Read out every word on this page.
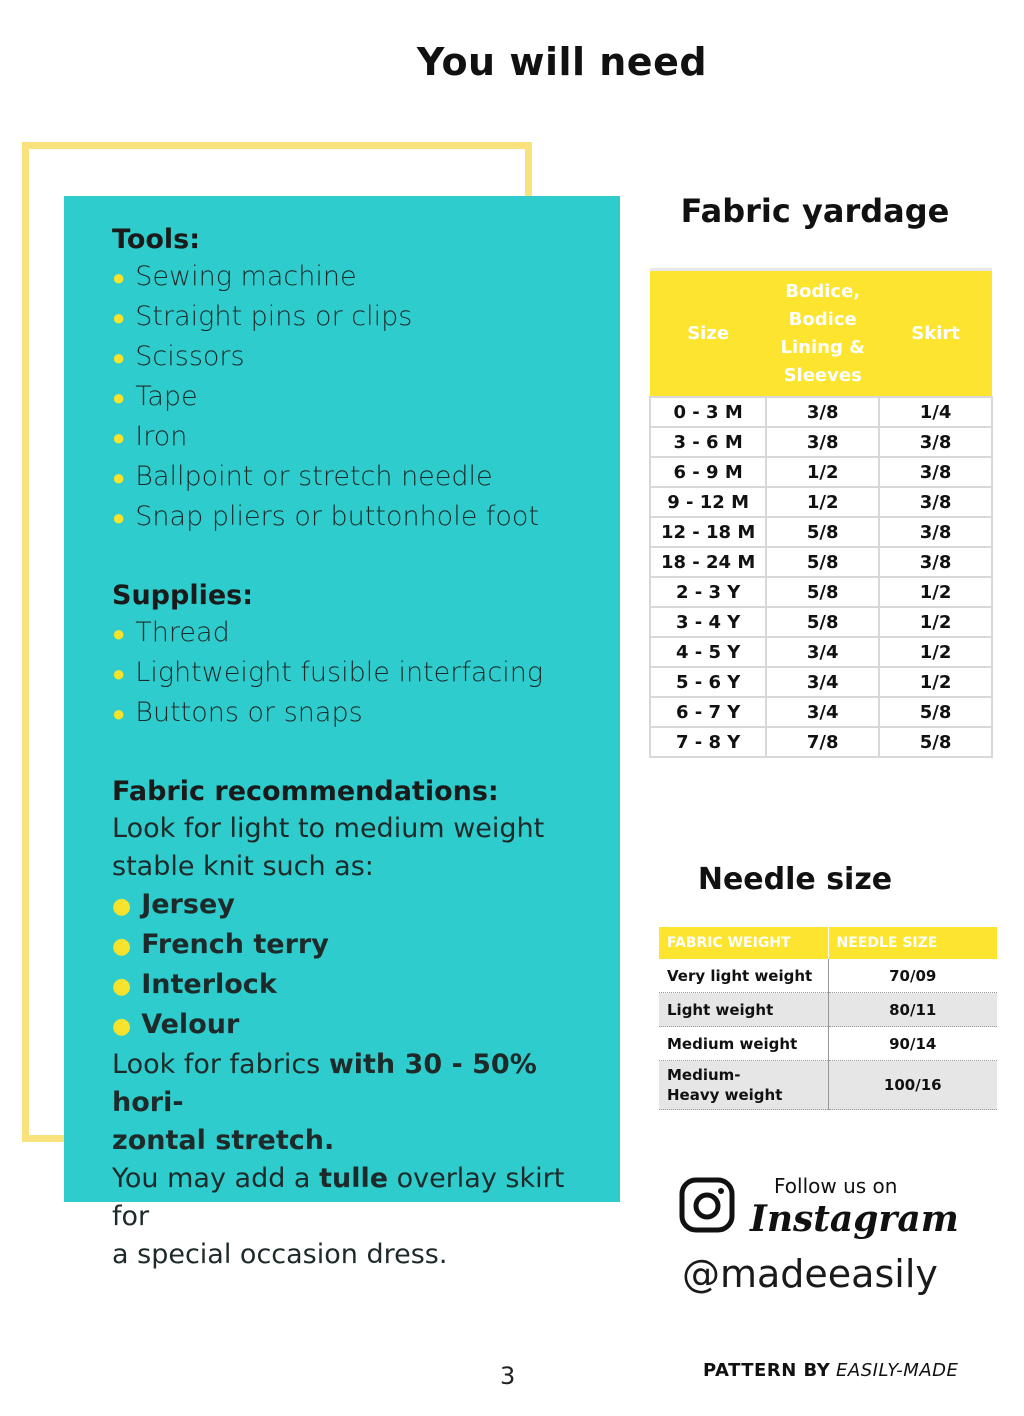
You will need
Tools:
● Sewing machine
● Straight pins or clips
● Scissors
● Tape
● Iron
● Ballpoint or stretch needle
● Snap pliers or buttonhole foot
Supplies:
● Thread
● Lightweight fusible interfacing
● Buttons or snaps
Fabric recommendations:

Look for light to medium weight

stable knit such as:

● Jersey
● French terry
● Interlock
● Velour

Look for fabrics with 30 - 50% hori-

zontal stretch.

You may add a tulle overlay skirt for

a special occasion dress.

Fabric yardage
Size	Bodice, Bodice Lining & Sleeves	Skirt
0 - 3 M	3/8	1/4
3 - 6 M	3/8	3/8
6 - 9 M	1/2	3/8
9 - 12 M	1/2	3/8
12 - 18 M	5/8	3/8
18 - 24 M	5/8	3/8
2 - 3 Y	5/8	1/2
3 - 4 Y	5/8	1/2
4 - 5 Y	3/4	1/2
5 - 6 Y	3/4	1/2
6 - 7 Y	3/4	5/8
7 - 8 Y	7/8	5/8
Needle size
FABRIC WEIGHT	NEEDLE SIZE
Very light weight	70/09
Light weight	80/11
Medium weight	90/14
Medium-
Heavy weight	100/16
Follow us on
Instagram
@madeeasily
3	PATTERN BY EASILY-MADE
